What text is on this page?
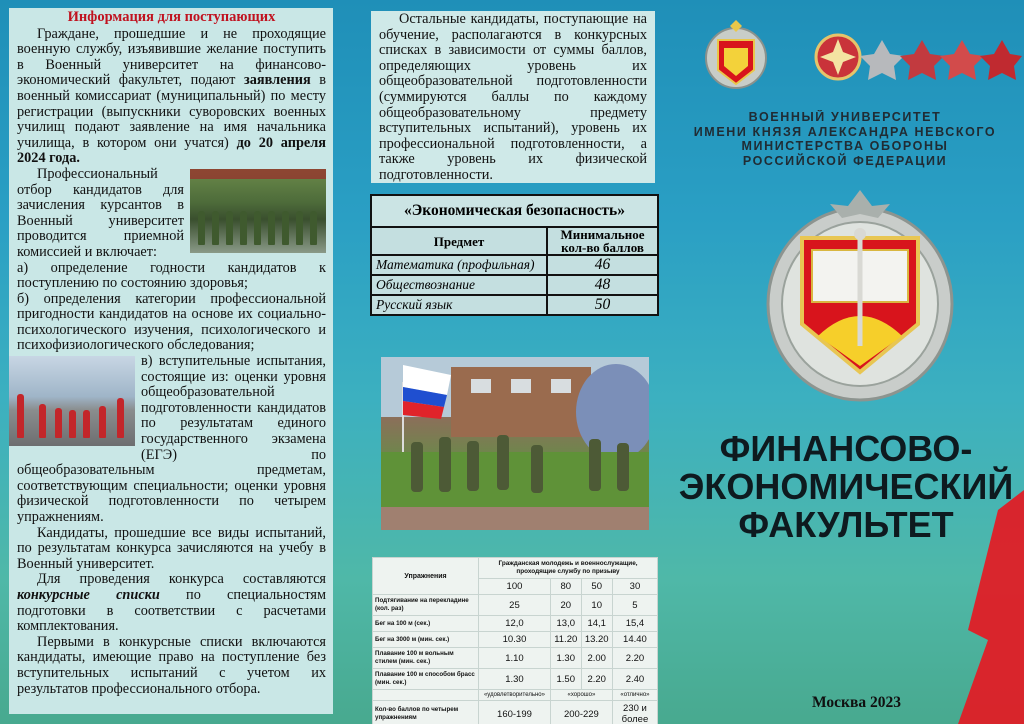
Информация для поступающих

Граждане, прошедшие и не проходящие военную службу, изъявившие желание поступить в Военный университет на финансово-экономический факультет, подают заявления в военный комиссариат (муниципальный) по месту регистрации (выпускники суворовских военных училищ подают заявление на имя начальника училища, в котором они учатся) до 20 апреля 2024 года.

Профессиональный отбор кандидатов для зачисления курсантов в Военный университет проводится приемной комиссией и включает:

а) определение годности кандидатов к поступлению по состоянию здоровья;

б) определения категории профессиональной пригодности кандидатов на основе их социально-психологического изучения, психологического и психофизиологического обследования;

в) вступительные испытания, состоящие из: оценки уровня общеобразовательной подготовленности кандидатов по результатам единого государственного экзамена (ЕГЭ) по общеобразовательным предметам, соответствующим специальности; оценки уровня физической подготовленности по четырем упражнениям.

Кандидаты, прошедшие все виды испытаний, по результатам конкурса зачисляются на учебу в Военный университет.

Для проведения конкурса составляются конкурсные списки по специальностям подготовки в соответствии с расчетами комплектования.

Первыми в конкурсные списки включаются кандидаты, имеющие право на поступление без вступительных испытаний с учетом их результатов профессионального отбора.

Остальные кандидаты, поступающие на обучение, располагаются в конкурсных списках в зависимости от суммы баллов, определяющих уровень их общеобразовательной подготовленности (суммируются баллы по каждому общеобразовательному предмету вступительных испытаний), уровень их профессиональной подготовленности, а также уровень их физической подготовленности.
«Экономическая безопасность»	
Предмет	Минимальное кол-во баллов
Математика (профильная)	46
Обществознание	48
Русский язык	50
Упражнения	Гражданская молодежь и военнослужащие, проходящие службу по призыву			
	100	80	50	30
Подтягивание на перекладине (кол. раз)	25	20	10	5
Бег на 100 м (сек.)	12,0	13,0	14,1	15,4
Бег на 3000 м (мин. сек.)	10.30	11.20	13.20	14.40
Плавание 100 м вольным стилем (мин. сек.)	1.10	1.30	2.00	2.20
Плавание 100 м способом брасс (мин. сек.)	1.30	1.50	2.20	2.40
	«удовлетворительно»	«хорошо»		«отлично»
Кол-во баллов по четырем упражнениям	160-199	200-229		230 и более
ВОЕННЫЙ УНИВЕРСИТЕТ
ИМЕНИ КНЯЗЯ АЛЕКСАНДРА НЕВСКОГО
МИНИСТЕРСТВА ОБОРОНЫ
РОССИЙСКОЙ ФЕДЕРАЦИИ
ФИНАНСОВО-
ЭКОНОМИЧЕСКИЙ
ФАКУЛЬТЕТ
Москва 2023
